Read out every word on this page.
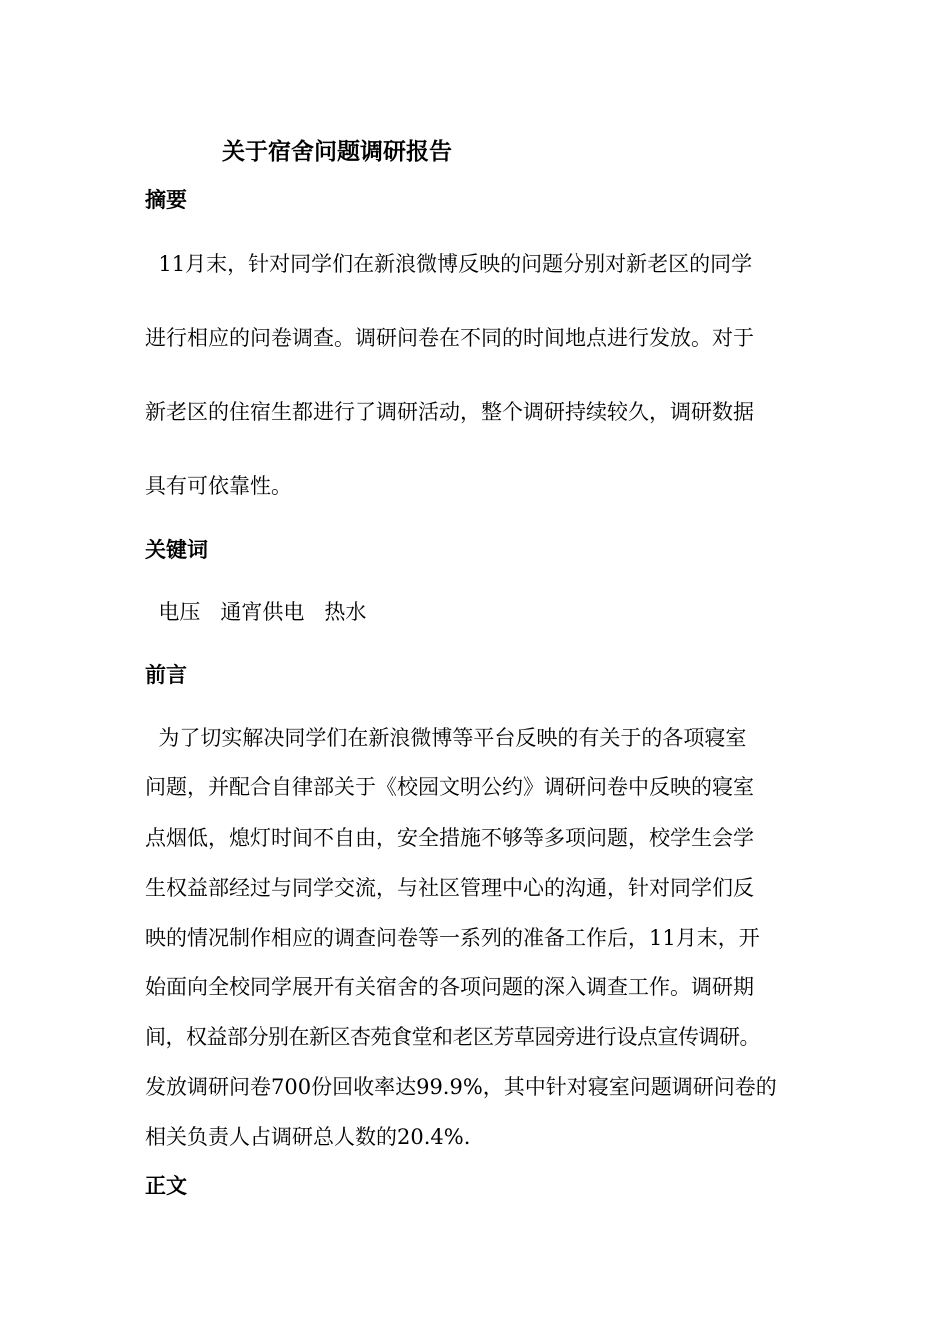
关于宿舍问题调研报告
摘要

11月末，针对同学们在新浪微博反映的问题分别对新老区的同学

进行相应的问卷调查。调研问卷在不同的时间地点进行发放。对于

新老区的住宿生都进行了调研活动，整个调研持续较久，调研数据

具有可依靠性。

关键词

电压   通宵供电   热水

前言

为了切实解决同学们在新浪微博等平台反映的有关于的各项寝室

问题，并配合自律部关于《校园文明公约》调研问卷中反映的寝室

点烟低，熄灯时间不自由，安全措施不够等多项问题，校学生会学

生权益部经过与同学交流，与社区管理中心的沟通，针对同学们反

映的情况制作相应的调查问卷等一系列的准备工作后，11月末，开

始面向全校同学展开有关宿舍的各项问题的深入调查工作。调研期

间，权益部分别在新区杏苑食堂和老区芳草园旁进行设点宣传调研。

发放调研问卷700份回收率达99.9%，其中针对寝室问题调研问卷的

相关负责人占调研总人数的20.4%.

正文
